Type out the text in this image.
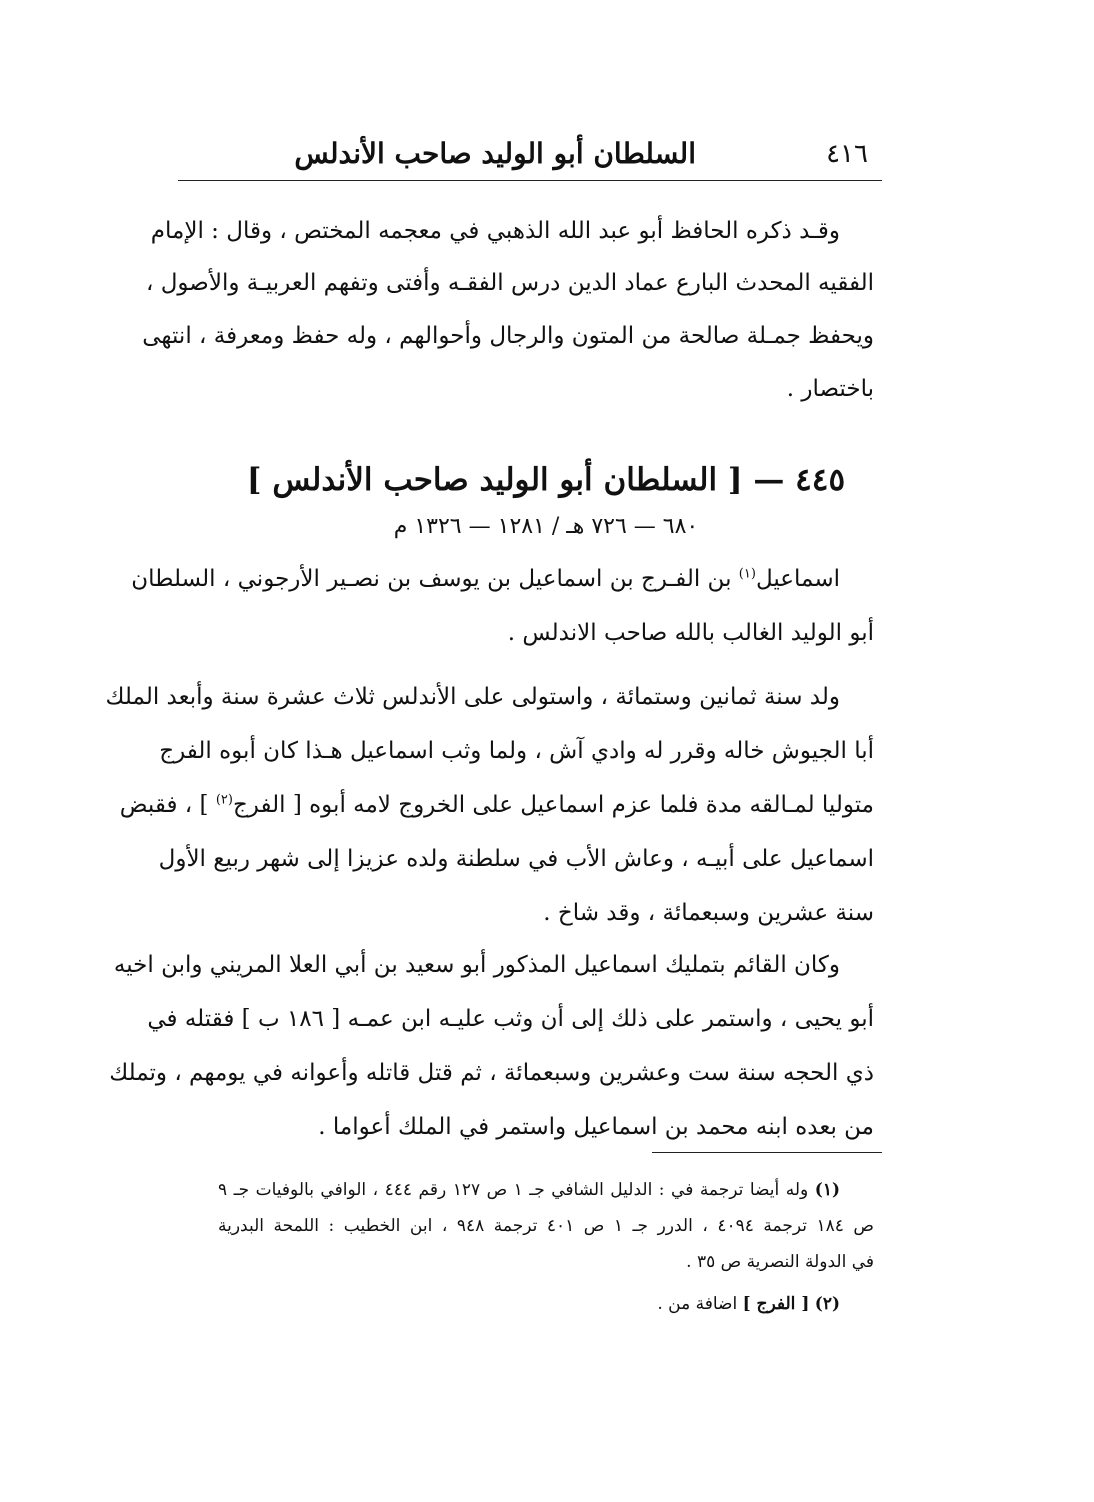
٤١٦
السلطان أبو الوليد صاحب الأندلس
وقـد ذكره الحافظ أبو عبد الله الذهبي في معجمه المختص ، وقال : الإمام
الفقيه المحدث البارع عماد الدين درس الفقـه وأفتى وتفهم العربيـة والأصول ،
ويحفظ جمـلة صالحة من المتون والرجال وأحوالهم ، وله حفظ ومعرفة ، انتهى
باختصار .
٤٤٥ — [ السلطان أبو الوليد صاحب الأندلس ]
٦٨٠ — ٧٢٦ هـ / ١٢٨١ — ١٣٢٦ م
اسماعيل$^{(١)}$ بن الفـرج بن اسماعيل بن يوسف بن نصـير الأرجوني ، السلطان
أبو الوليد الغالب بالله صاحب الاندلس .
ولد سنة ثمانين وستمائة ، واستولى على الأندلس ثلاث عشرة سنة وأبعد الملك
أبا الجيوش خاله وقرر له وادي آش ، ولما وثب اسماعيل هـذا كان أبوه الفرج
متوليا لمـالقه مدة فلما عزم اسماعيل على الخروج لامه أبوه [ الفرج$^{(٢)}$ ] ، فقبض
اسماعيل على أبيـه ، وعاش الأب في سلطنة ولده عزيزا إلى شهر ربيع الأول
سنة عشرين وسبعمائة ، وقد شاخ .
وكان القائم بتمليك اسماعيل المذكور أبو سعيد بن أبي العلا المريني وابن اخيه
أبو يحيى ، واستمر على ذلك إلى أن وثب عليـه ابن عمـه [ ١٨٦ ب ] فقتله في
ذي الحجه سنة ست وعشرين وسبعمائة ، ثم قتل قاتله وأعوانه في يومهم ، وتملك
من بعده ابنه محمد بن اسماعيل واستمر في الملك أعواما .
(١) وله أيضا ترجمة في : الدليل الشافي جـ ١ ص ١٢٧ رقم ٤٤٤ ، الوافي بالوفيات جـ ٩
ص ١٨٤ ترجمة ٤٠٩٤ ، الدرر جـ ١ ص ٤٠١ ترجمة ٩٤٨ ، ابن الخطيب : اللمحة البدرية
في الدولة النصرية ص ٣٥ .
(٢) [ الفرج ] اضافة من .
